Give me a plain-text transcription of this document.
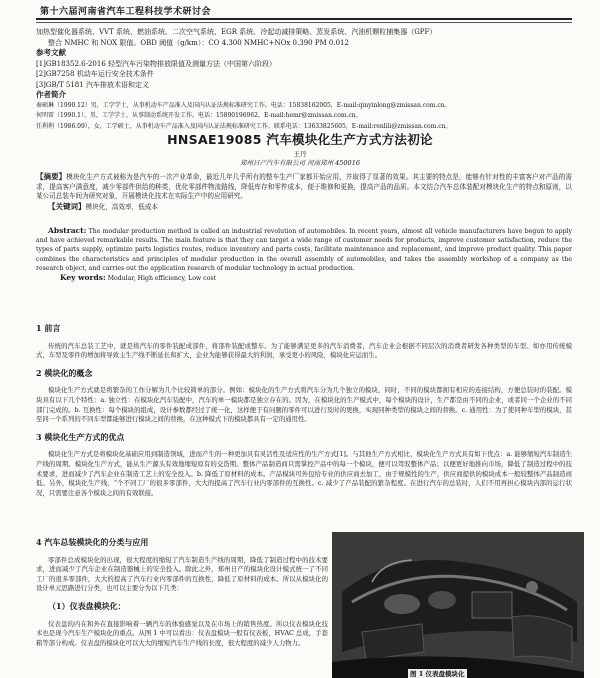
第十六届河南省汽车工程科技学术研讨会

加热型催化器系统、VVT 系统、燃油系统、二次空气系统、EGR 系统、冷起动减排策略、蒸发系统、汽油机颗粒捕集器（GPF）

整合 NMHC 和 NOX 限值。OBD 阈值（g/km）：CO 4.300 NMHC+NOx 0.390 PM 0.012

参考文献

[1]GB18352.6-2016 轻型汽车污染物排放限值及测量方法（中国第六阶段）

[2]GB7258 机动车运行安全技术条件

[3]GB/T 5181 汽车排放术语和定义

作者简介

秦硕琳（1990.12）男，工学学士，从事机动车产品准入及国内认证法规标准研究工作。电话：15838162005，E-mail:qinyinlong@zmissan.com.cn。

何明雷（1990.1），男，工学学士，从事制动系统开发工作。电话：15890196962，E-mail:hemr@zmissan.com.cn。

任利利（1986.09），女，工学硕士，从事机动车产品准入及国内认证法规标准研究工作。联系电话：13633825605，E-mail:renlili@zmissan.com.cn。

HNSAE19085 汽车模块化生产方式方法初论
王丹
郑州日产汽车有限公司 河南郑州 450016
【摘要】模块化生产方式被称为是汽车的一次产业革命，最近几年几乎所有的整车生产厂家都开始应用，并取得了显著的效果。其主要的特点是，能够有针对性的丰富客户对产品的需求，提高客户满意度，减少零部件供给的种类，优化零部件物流路线，降低库存和零件成本，便于维修和更换，提高产品的品质。本文结合汽车总体装配对模块化生产的特点和原则，以某公司总装车间为研究对象，开展模块化技术在实际生产中的应用研究。
【关键词】模块化，高效率，低成本
Abstract: The modular production method is called an industrial revolution of automobiles. In recent years, almost all vehicle manufacturers have begun to apply and have achieved remarkable results. The main feature is that they can target a wide range of customer needs for products, improve customer satisfaction, reduce the types of parts supply, optimize parts logistics routes, reduce inventory and parts costs, facilitate maintenance and replacement, and improve product quality. This paper combines the characteristics and principles of modular production in the overall assembly of automobiles, and takes the assembly workshop of a company as the research object, and carries out the application research of modular technology in actual production.
Key words: Modular, High efficiency, Low cost

1 前言

传统的汽车总装工艺中，就是将汽车的零件装配成部件，将部件装配成整车。为了能够满足更多的汽车消费者，汽车企业会根据不同层次的消费者研发各种类型的车型。如亦用传统模式，车型及零件的增加将导致主生产线不断延长和扩大，企业为能够获得最大的利润，承受更小的风险，模块化应运而生。

2 模块化的概念

模块化生产方式就是将繁杂的工作分解为几个比较简单的部分。例如：模块化的生产方式将汽车分为几个独立的模块，同时，不同的模块都拥有相应的连接结构，方便总装时的装配。模块具有以下几个特性：a. 独立性：在模块化汽车装配中，汽车的单一模块都是独立存在的。因为，在模块化的生产模式中，每个模块的设计，生产都是由不同的企业，或者同一个企业的不同部门完成的。b. 互换性：每个模块的组成，设计参数都经过了统一化，这样便于有问题的零件可以进行及时的更换，实现同种类型的模块之间的替换。c. 通用性：为了使同种车型的模块，甚至同一个系列的不同车型都能够进行模块之间的替换，在这种模式下的模块都具有一定的通用性。

3 模块化生产方式的优点

模块化生产方式是将模块化基础应用到制造领域，进而产生的一种更加具有灵活性及适应性的生产方式[1]。与其他生产方式相比，模块化生产方式具有如下优点：a. 能够缩短汽车制造生产线的周期。模块化生产方式，能从生产源头有效地缩短原有的交货期。整体产品制造商只需掌控产品中的每一个模块，便可以驾驭整体产品；以便更好地推向市场，降低了制造过程中的技术要求，进而减少了汽车企业在制造工艺上的安全投入。b. 降低了原材料的成本。产品模块可外包给专业的供应商去加工，由于规模性的生产，供应商提供的模块成本一般较整体产品制造商低。另外，模块化生产线，“个不同工厂的很多零部件，大大的提高了汽车行业内零部件的互换性。c. 减少了产品装配的繁杂程度。在进行汽车的总装时，人们不用再担心模块内部的运行状况，只需要注意各个模块之间的有效联接。

4 汽车总装模块化的分类与应用

零部件总成模块化的出现，很大程度的缩短了汽车制造生产线的周期，降低了制造过程中的技术要求，进而减少了汽车企业在制造器械上的安全投入。除此之外，郑州日产的模块化设计模式统一了不同工厂的很多零部件，大大的提高了汽车行业内零部件的互换性，降低了原材料的成本。所以从模块化的设计单元思路进行分类，也可以主要分为以下几类：

（1）仪表盘模块化：

仪表盘的内在和外在直接影响着一辆汽车的体验感觉以及在市场上的销售热度。所以仪表模块化技术也是现今汽车生产模块化的重点。从图 1 中可以看出：仪表盘模块一般有仪表板，HVAC 总成，手套箱等部分构成。仪表盘的模块化可以大大的缩短汽车生产线的长度，很大程度的减少人力物力。

图 1 仪表盘模块化
